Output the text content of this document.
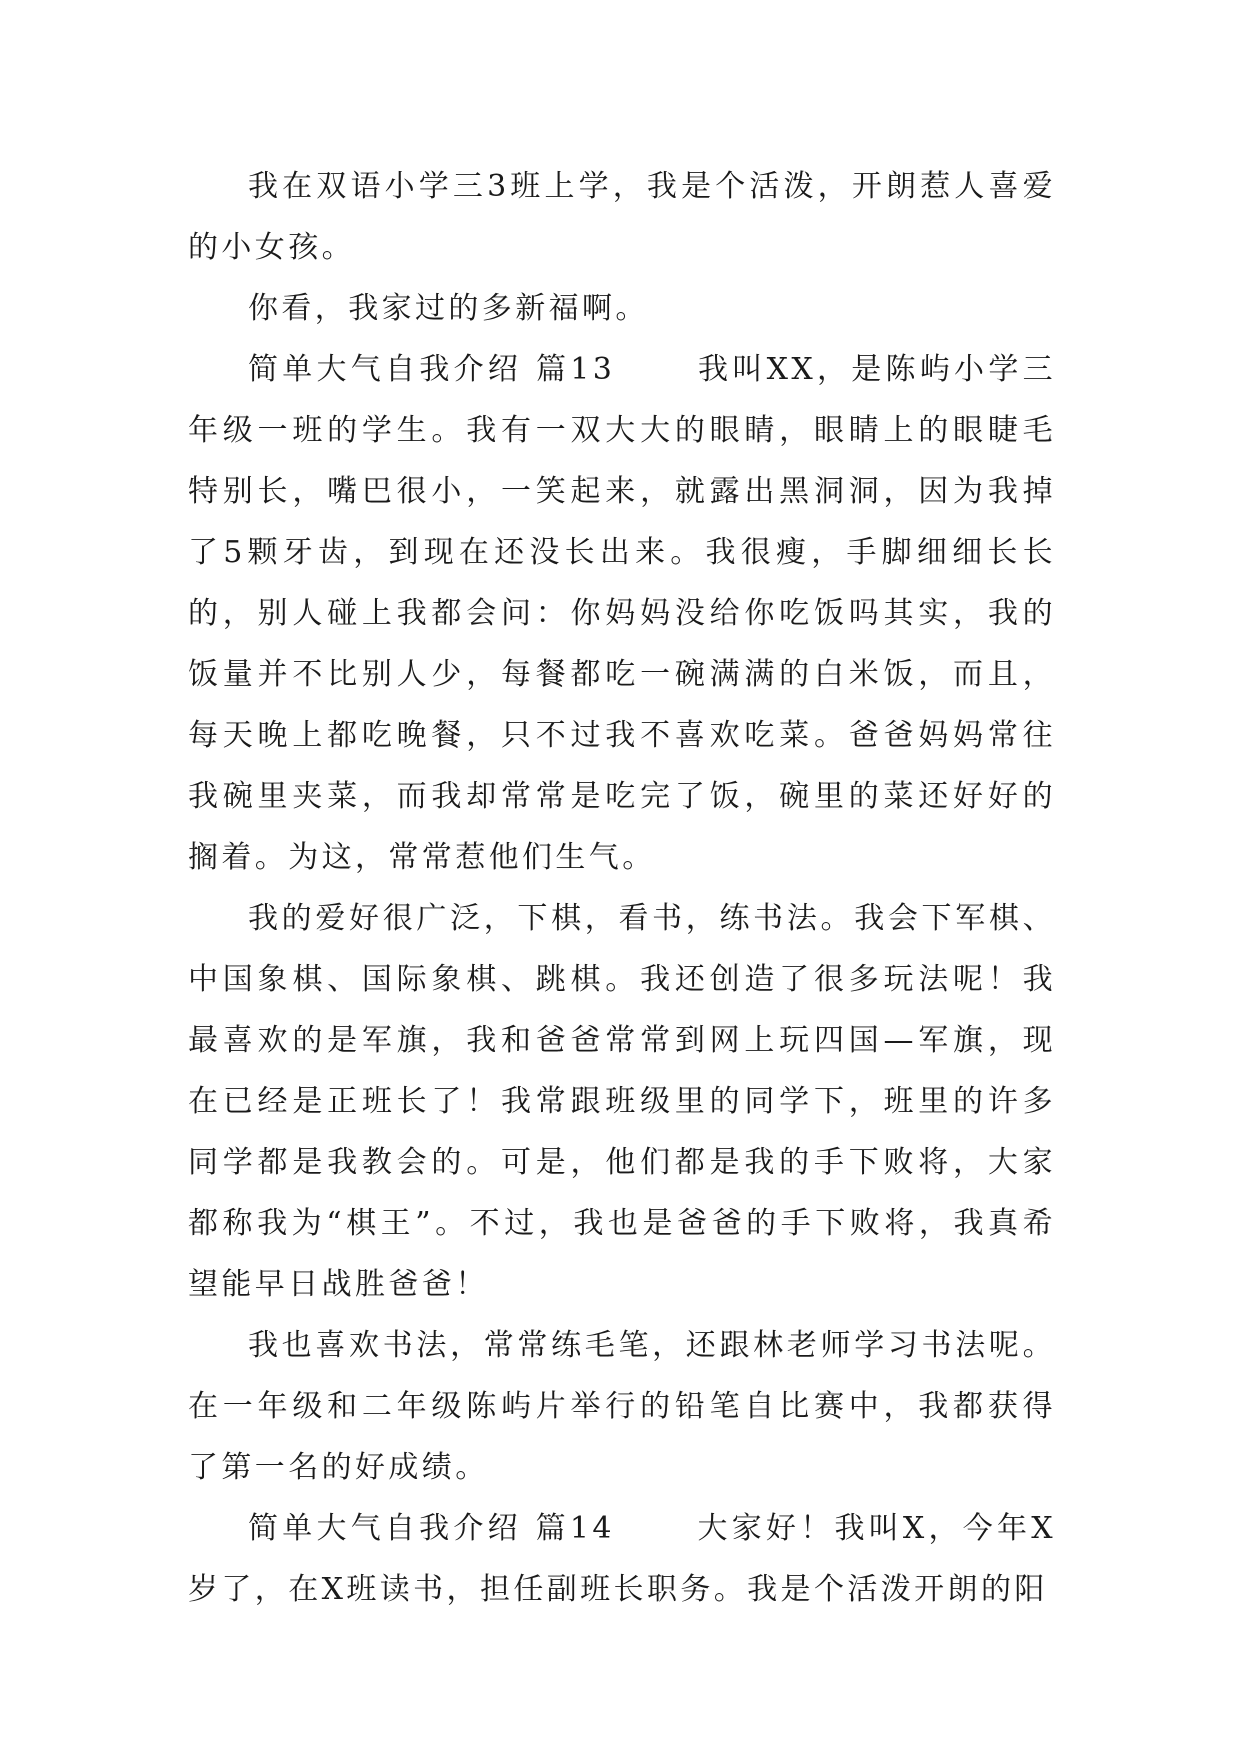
我在双语小学三3班上学，我是个活泼，开朗惹人喜爱的小女孩。

你看，我家过的多新福啊。

简单大气自我介绍 篇13      我叫XX，是陈屿小学三年级一班的学生。我有一双大大的眼睛，眼睛上的眼睫毛特别长，嘴巴很小，一笑起来，就露出黑洞洞，因为我掉了5颗牙齿，到现在还没长出来。我很瘦，手脚细细长长的，别人碰上我都会问：你妈妈没给你吃饭吗其实，我的饭量并不比别人少，每餐都吃一碗满满的白米饭，而且，每天晚上都吃晚餐，只不过我不喜欢吃菜。爸爸妈妈常往我碗里夹菜，而我却常常是吃完了饭，碗里的菜还好好的搁着。为这，常常惹他们生气。

我的爱好很广泛，下棋，看书，练书法。我会下军棋、中国象棋、国际象棋、跳棋。我还创造了很多玩法呢！我最喜欢的是军旗，我和爸爸常常到网上玩四国—军旗，现在已经是正班长了！我常跟班级里的同学下，班里的许多同学都是我教会的。可是，他们都是我的手下败将，大家都称我为“棋王”。不过，我也是爸爸的手下败将，我真希望能早日战胜爸爸！

我也喜欢书法，常常练毛笔，还跟林老师学习书法呢。在一年级和二年级陈屿片举行的铅笔自比赛中，我都获得了第一名的好成绩。

简单大气自我介绍 篇14      大家好！我叫X，今年X岁了，在X班读书，担任副班长职务。我是个活泼开朗的阳
